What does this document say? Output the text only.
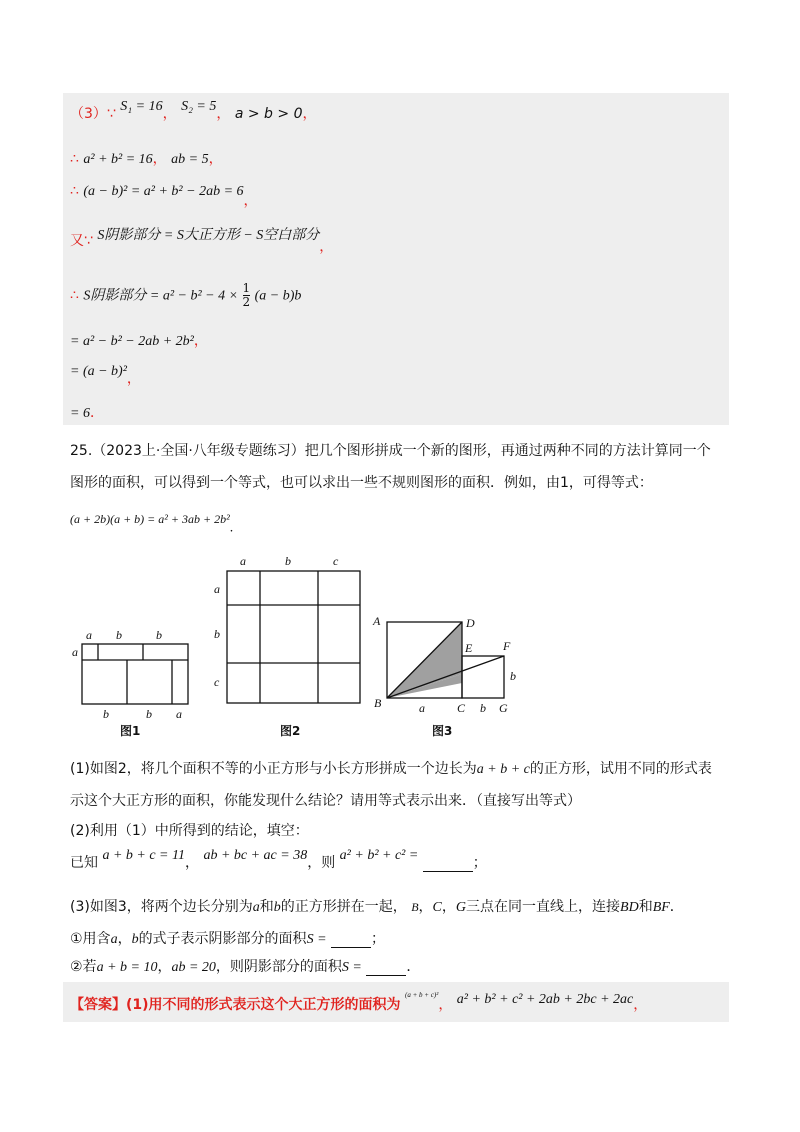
（3）∵ S₁ = 16， S₂ = 5， a > b > 0，
∴ a² + b² = 16， ab = 5，
∴ (a − b)² = a² + b² − 2ab = 6，
又∵ S阴影部分 = S大正方形 − S空白部分，
∴ S阴影部分 = $a^2 - b^2 - 4 \times \frac{1}{2} (a - b)b$
= a² − b² − 2ab + 2b²，
= (a − b)²，
= 6．
25.（2023上·全国·八年级专题练习）把几个图形拼成一个新的图形，再通过两种不同的方法计算同一个
图形的面积，可以得到一个等式，也可以求出一些不规则图形的面积．例如，由1，可得等式：
(a + 2b)(a + b) = a² + 3ab + 2b²．
a b	b
a
b	b a
图1
a	b	c
a
b
c
图2
A	D
E	F
B	C	G
a	b
b
图3
(1)如图2，将几个面积不等的小正方形与小长方形拼成一个边长为a + b + c的正方形，试用不同的形式表
示这个大正方形的面积，你能发现什么结论？请用等式表示出来．（直接写出等式）
(2)利用（1）中所得到的结论，填空：
已知 a + b + c = 11， ab + bc + ac = 38，则 a² + b² + c² =	；
(3)如图3，将两个边长分别为a和b的正方形拼在一起， B，C，G三点在同一直线上，连接BD和BF．
①用含a，b的式子表示阴影部分的面积S =	；
②若a + b = 10，ab = 20，则阴影部分的面积S =	．
【答案】(1)用不同的形式表示这个大正方形的面积为 $^{(a + b + c)^2}$， a² + b² + c² + 2ab + 2bc + 2ac，
